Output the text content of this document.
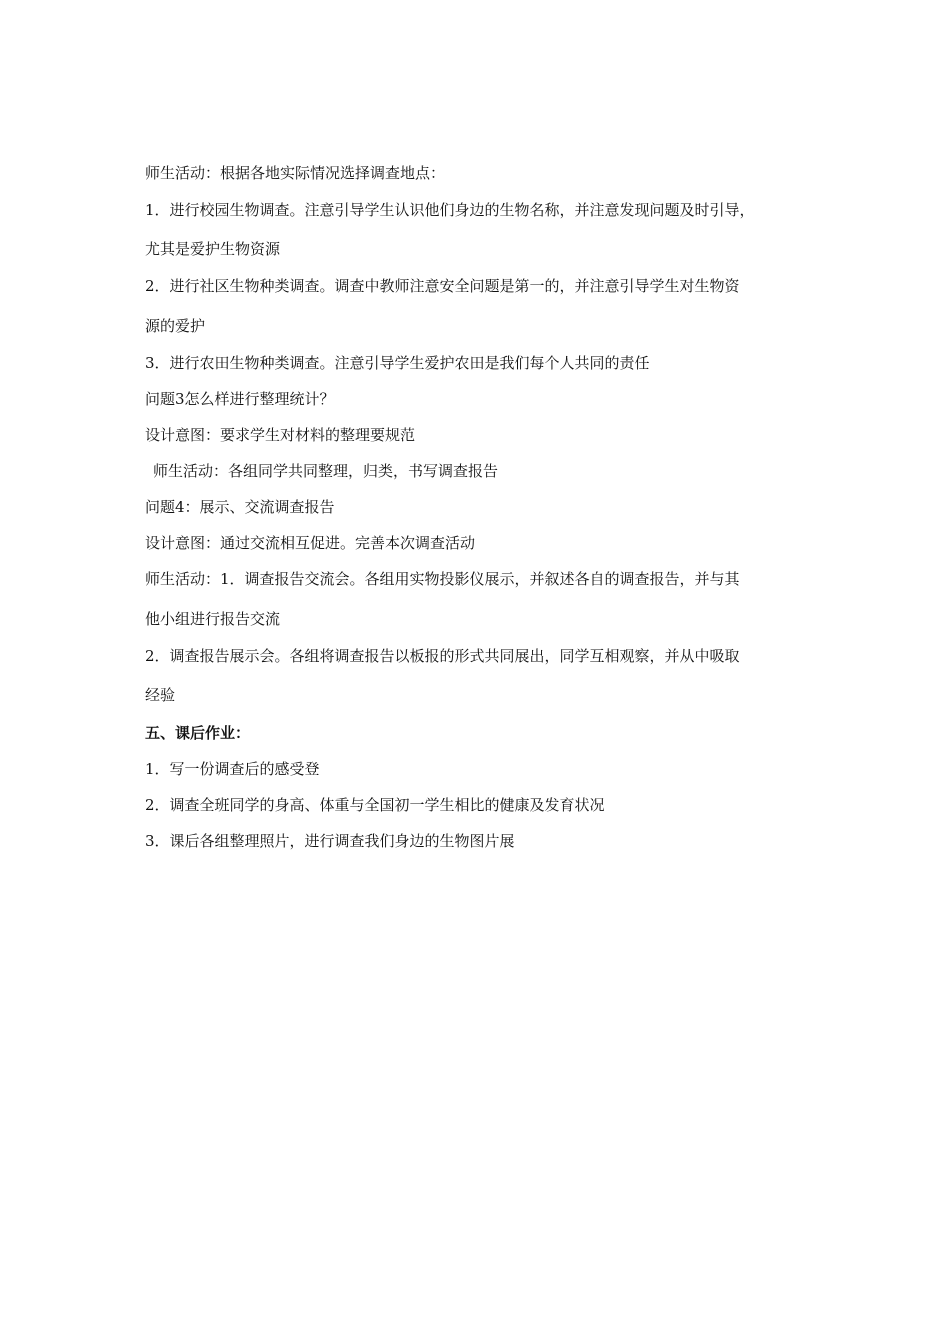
师生活动：根据各地实际情况选择调查地点：
1．进行校园生物调查。注意引导学生认识他们身边的生物名称，并注意发现问题及时引导，
尤其是爱护生物资源
2．进行社区生物种类调查。调查中教师注意安全问题是第一的，并注意引导学生对生物资
源的爱护
3．进行农田生物种类调查。注意引导学生爱护农田是我们每个人共同的责任
问题3怎么样进行整理统计？
设计意图：要求学生对材料的整理要规范
师生活动：各组同学共同整理，归类，书写调查报告
问题4：展示、交流调查报告
设计意图：通过交流相互促进。完善本次调查活动
师生活动：1．调查报告交流会。各组用实物投影仪展示，并叙述各自的调查报告，并与其
他小组进行报告交流
2．调查报告展示会。各组将调查报告以板报的形式共同展出，同学互相观察，并从中吸取
经验
五、课后作业：
1．写一份调查后的感受登
2．调查全班同学的身高、体重与全国初一学生相比的健康及发育状况
3．课后各组整理照片，进行调查我们身边的生物图片展
